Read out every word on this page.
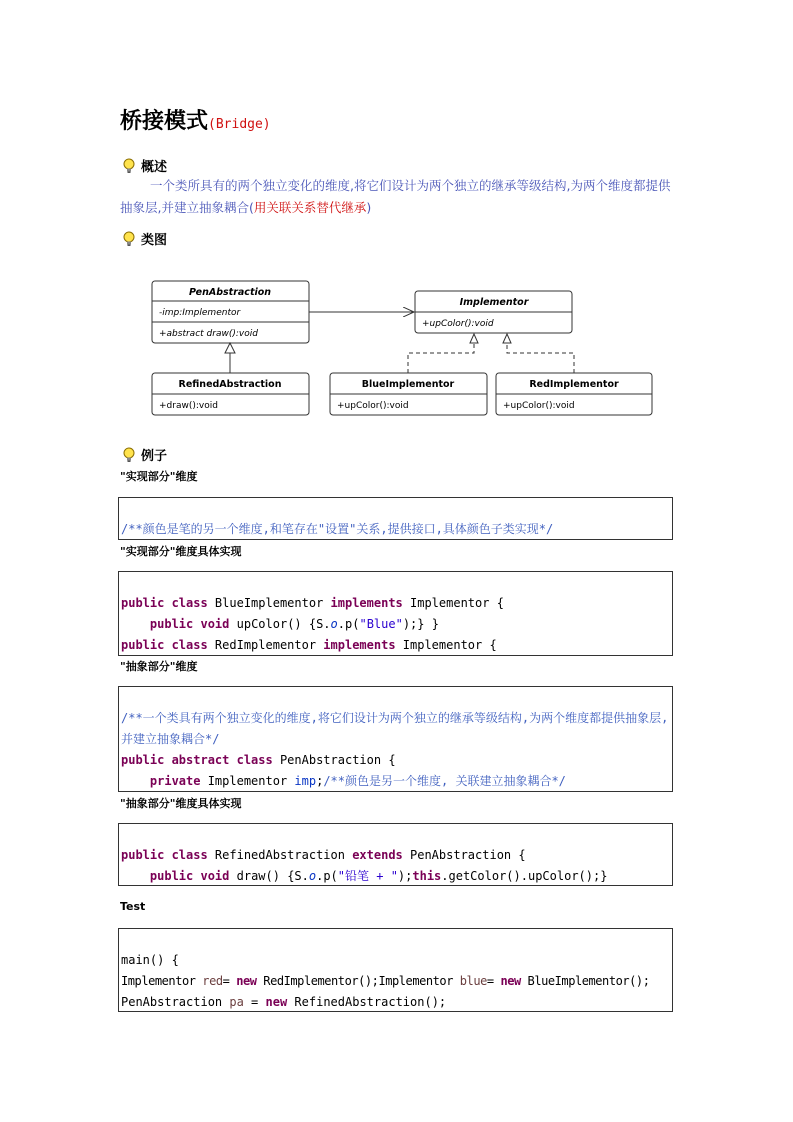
桥接模式(Bridge)
概述
一个类所具有的两个独立变化的维度,将它们设计为两个独立的继承等级结构,为两个维度都提供抽象层,并建立抽象耦合(用关联关系替代继承)
类图
PenAbstraction
-imp:Implementor
+abstract draw():void
Implementor
+upColor():void
RefinedAbstraction
+draw():void
BlueImplementor
+upColor():void
RedImplementor
+upColor():void
例子
"实现部分"维度

/**颜色是笔的另一个维度,和笔存在"设置"关系,提供接口,具体颜色子类实现*/

"实现部分"维度具体实现

public class BlueImplementor implements Implementor {
public void upColor() {S.o.p("Blue");} }
public class RedImplementor implements Implementor {

"抽象部分"维度

/**一个类具有两个独立变化的维度,将它们设计为两个独立的继承等级结构,为两个维度都提供抽象层, 并建立抽象耦合*/
public abstract class PenAbstraction {
private Implementor imp;/**颜色是另一个维度, 关联建立抽象耦合*/

"抽象部分"维度具体实现

public class RefinedAbstraction extends PenAbstraction {
public void draw() {S.o.p("铅笔 + ");this.getColor().upColor();}

Test

main() {
Implementor red= new RedImplementor();Implementor blue= new BlueImplementor();
PenAbstraction pa = new RefinedAbstraction();
